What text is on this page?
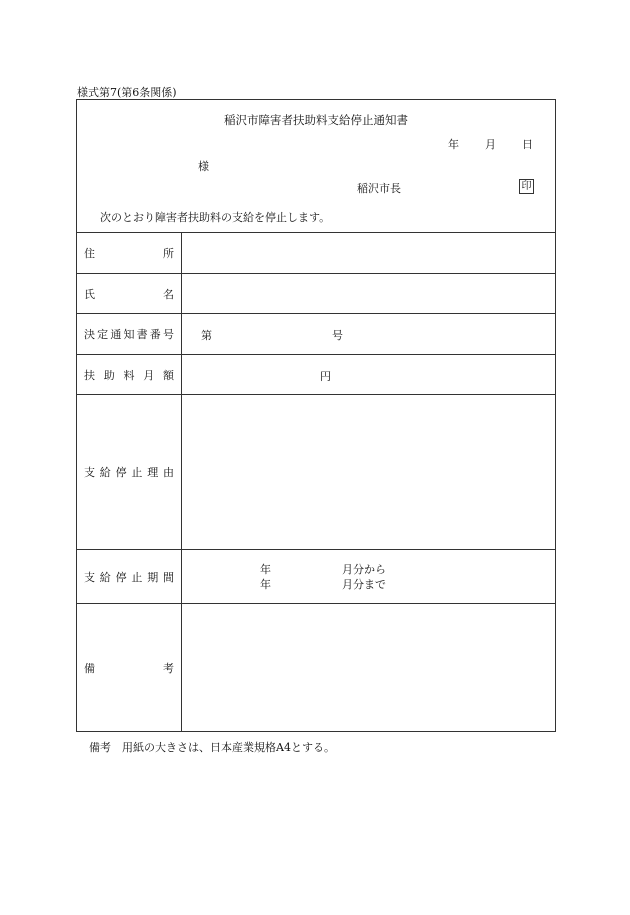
様式第7(第6条関係)
稲沢市障害者扶助料支給停止通知書
年 月 日
様
稲沢市長	印
次のとおり障害者扶助料の支給を停止します。
住	所
氏	名
決 定 通 知 書 番 号 第	号
扶 助 料 月 額	円
支 給 停 止 理 由
支 給 停 止 期 間
年	月分から
年	月分まで
備	考
備考　用紙の大きさは、日本産業規格A4とする。
